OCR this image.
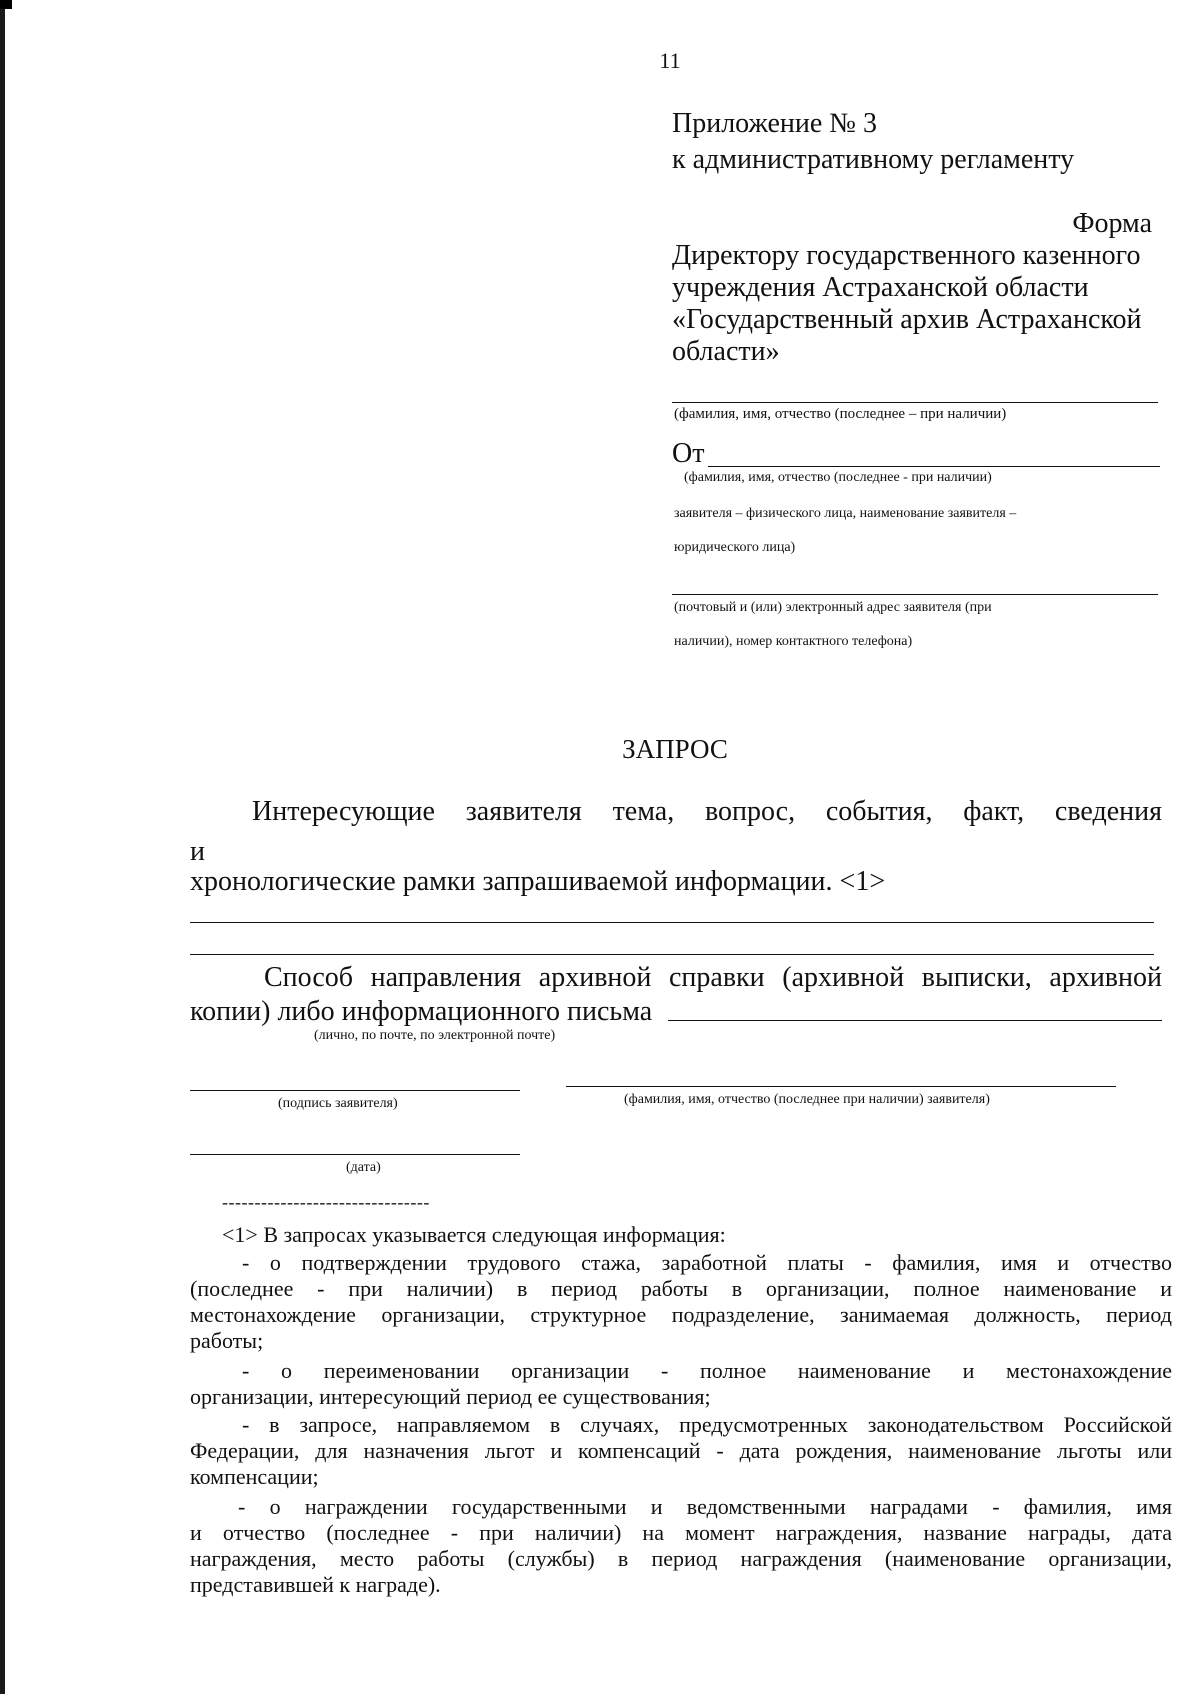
11
Приложение № 3
к административному регламенту
Форма
Директору государственного казенного
учреждения Астраханской области
«Государственный архив Астраханской
области»
(фамилия, имя, отчество (последнее – при наличии)
От
(фамилия, имя, отчество (последнее - при наличии)
заявителя – физического лица, наименование заявителя –
юридического лица)
(почтовый и (или) электронный адрес заявителя (при
наличии), номер контактного телефона)
ЗАПРОС
Интересующие заявителя тема, вопрос, события, факт, сведения
и
хронологические рамки запрашиваемой информации. <1>
Способ направления архивной справки (архивной выписки, архивной
копии) либо информационного письма
(лично, по почте, по электронной почте)
(подпись заявителя)	(фамилия, имя, отчество (последнее при наличии) заявителя)
(дата)
--------------------------------
<1> В запросах указывается следующая информация:
- о подтверждении трудового стажа, заработной платы - фамилия, имя и отчество
(последнее - при наличии) в период работы в организации, полное наименование и
местонахождение организации, структурное подразделение, занимаемая должность, период
работы;
- о переименовании организации - полное наименование и местонахождение
организации, интересующий период ее существования;
- в запросе, направляемом в случаях, предусмотренных законодательством Российской
Федерации, для назначения льгот и компенсаций - дата рождения, наименование льготы или
компенсации;
- о награждении государственными и ведомственными наградами - фамилия, имя
и отчество (последнее - при наличии) на момент награждения, название награды, дата
награждения, место работы (службы) в период награждения (наименование организации,
представившей к награде).
